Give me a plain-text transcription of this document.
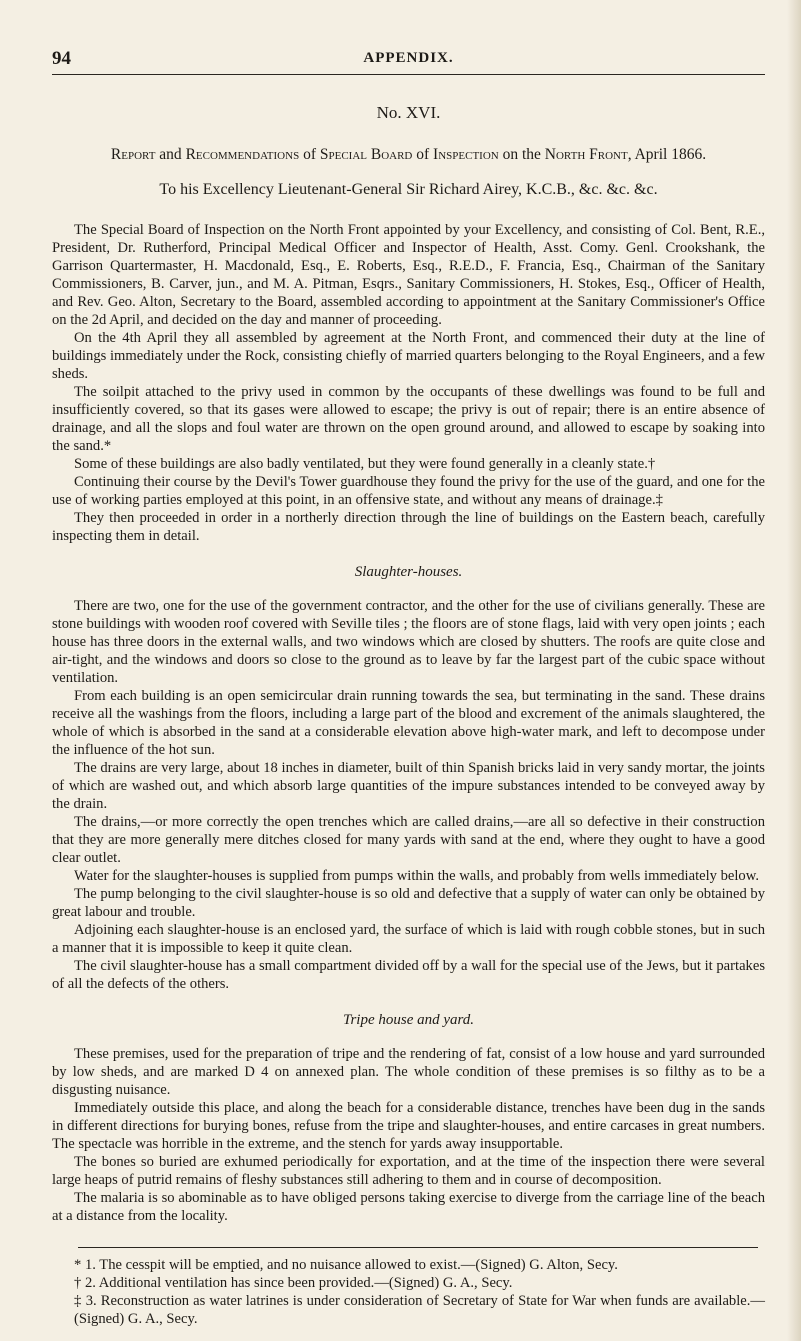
94	APPENDIX.
No. XVI.
Report and Recommendations of Special Board of Inspection on the North Front, April 1866.
To his Excellency Lieutenant-General Sir Richard Airey, K.C.B., &c. &c. &c.

The Special Board of Inspection on the North Front appointed by your Excellency, and consisting of Col. Bent, R.E., President, Dr. Rutherford, Principal Medical Officer and Inspector of Health, Asst. Comy. Genl. Crookshank, the Garrison Quartermaster, H. Macdonald, Esq., E. Roberts, Esq., R.E.D., F. Francia, Esq., Chairman of the Sanitary Commissioners, B. Carver, jun., and M. A. Pitman, Esqrs., Sanitary Commissioners, H. Stokes, Esq., Officer of Health, and Rev. Geo. Alton, Secretary to the Board, assembled according to appointment at the Sanitary Commissioner's Office on the 2d April, and decided on the day and manner of proceeding.

On the 4th April they all assembled by agreement at the North Front, and commenced their duty at the line of buildings immediately under the Rock, consisting chiefly of married quarters belonging to the Royal Engineers, and a few sheds.

The soilpit attached to the privy used in common by the occupants of these dwellings was found to be full and insufficiently covered, so that its gases were allowed to escape; the privy is out of repair; there is an entire absence of drainage, and all the slops and foul water are thrown on the open ground around, and allowed to escape by soaking into the sand.*

Some of these buildings are also badly ventilated, but they were found generally in a cleanly state.†

Continuing their course by the Devil's Tower guardhouse they found the privy for the use of the guard, and one for the use of working parties employed at this point, in an offensive state, and without any means of drainage.‡

They then proceeded in order in a northerly direction through the line of buildings on the Eastern beach, carefully inspecting them in detail.

Slaughter-houses.

There are two, one for the use of the government contractor, and the other for the use of civilians generally. These are stone buildings with wooden roof covered with Seville tiles ; the floors are of stone flags, laid with very open joints ; each house has three doors in the external walls, and two windows which are closed by shutters. The roofs are quite close and air-tight, and the windows and doors so close to the ground as to leave by far the largest part of the cubic space without ventilation.

From each building is an open semicircular drain running towards the sea, but terminating in the sand. These drains receive all the washings from the floors, including a large part of the blood and excrement of the animals slaughtered, the whole of which is absorbed in the sand at a considerable elevation above high-water mark, and left to decompose under the influence of the hot sun.

The drains are very large, about 18 inches in diameter, built of thin Spanish bricks laid in very sandy mortar, the joints of which are washed out, and which absorb large quantities of the impure substances intended to be conveyed away by the drain.

The drains,—or more correctly the open trenches which are called drains,—are all so defective in their construction that they are more generally mere ditches closed for many yards with sand at the end, where they ought to have a good clear outlet.

Water for the slaughter-houses is supplied from pumps within the walls, and probably from wells immediately below.

The pump belonging to the civil slaughter-house is so old and defective that a supply of water can only be obtained by great labour and trouble.

Adjoining each slaughter-house is an enclosed yard, the surface of which is laid with rough cobble stones, but in such a manner that it is impossible to keep it quite clean.

The civil slaughter-house has a small compartment divided off by a wall for the special use of the Jews, but it partakes of all the defects of the others.

Tripe house and yard.

These premises, used for the preparation of tripe and the rendering of fat, consist of a low house and yard surrounded by low sheds, and are marked D 4 on annexed plan. The whole condition of these premises is so filthy as to be a disgusting nuisance.

Immediately outside this place, and along the beach for a considerable distance, trenches have been dug in the sands in different directions for burying bones, refuse from the tripe and slaughter-houses, and entire carcases in great numbers. The spectacle was horrible in the extreme, and the stench for yards away insupportable.

The bones so buried are exhumed periodically for exportation, and at the time of the inspection there were several large heaps of putrid remains of fleshy substances still adhering to them and in course of decomposition.

The malaria is so abominable as to have obliged persons taking exercise to diverge from the carriage line of the beach at a distance from the locality.

* 1. The cesspit will be emptied, and no nuisance allowed to exist.—(Signed) G. Alton, Secy.

† 2. Additional ventilation has since been provided.—(Signed) G. A., Secy.

‡ 3. Reconstruction as water latrines is under consideration of Secretary of State for War when funds are available.—(Signed) G. A., Secy.
